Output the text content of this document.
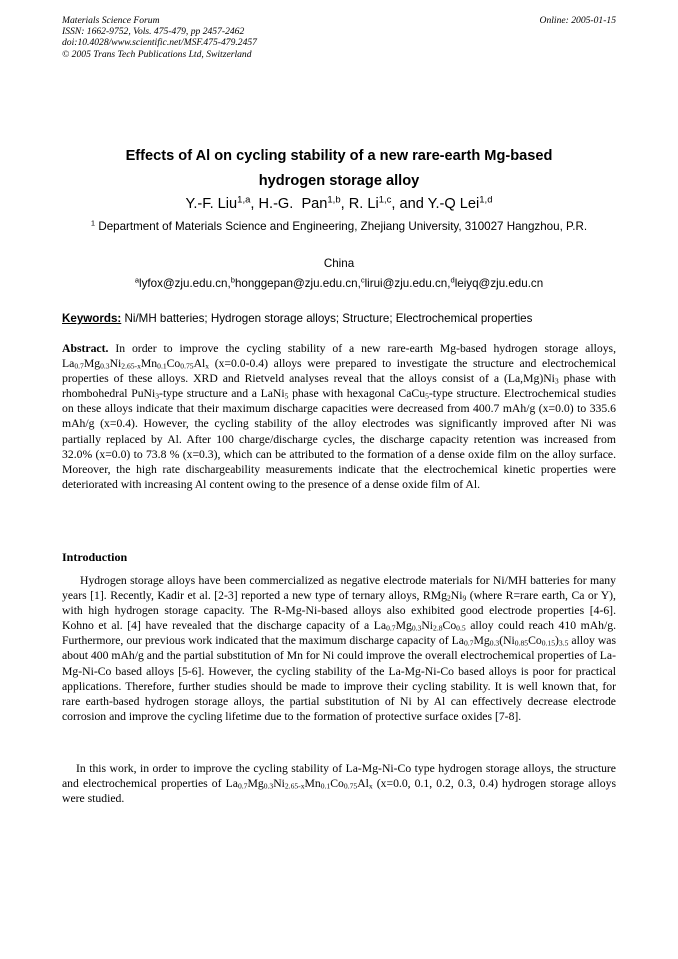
Materials Science Forum
ISSN: 1662-9752, Vols. 475-479, pp 2457-2462
doi:10.4028/www.scientific.net/MSF.475-479.2457
© 2005 Trans Tech Publications Ltd, Switzerland
Online: 2005-01-15
Effects of Al on cycling stability of a new rare-earth Mg-based
hydrogen storage alloy
Y.-F. Liu$^{1,a}$, H.-G.  Pan$^{1,b}$, R. Li$^{1,c}$, and Y.-Q Lei$^{1,d}$
$^1$ Department of Materials Science and Engineering, Zhejiang University, 310027 Hangzhou, P.R.
China
$^a$lyfox@zju.edu.cn,$^b$honggepan@zju.edu.cn,$^c$lirui@zju.edu.cn,$^d$leiyq@zju.edu.cn
Keywords: Ni/MH batteries; Hydrogen storage alloys; Structure; Electrochemical properties

Abstract. In order to improve the cycling stability of a new rare-earth Mg-based hydrogen storage alloys, $La_{0.7}Mg_{0.3}Ni_{2.65-x}Mn_{0.1}Co_{0.75}Al_x$ (x=0.0-0.4) alloys were prepared to investigate the structure and electrochemical properties of these alloys. XRD and Rietveld analyses reveal that the alloys consist of a $(La,Mg)Ni_3$ phase with rhombohedral PuNi$_3$-type structure and a LaNi$_5$ phase with hexagonal CaCu$_5$-type structure. Electrochemical studies on these alloys indicate that their maximum discharge capacities were decreased from 400.7 mAh/g (x=0.0) to 335.6 mAh/g (x=0.4). However, the cycling stability of the alloy electrodes was significantly improved after Ni was partially replaced by Al. After 100 charge/discharge cycles, the discharge capacity retention was increased from 32.0% (x=0.0) to 73.8 % (x=0.3), which can be attributed to the formation of a dense oxide film on the alloy surface. Moreover, the high rate dischargeability measurements indicate that the electrochemical kinetic properties were deteriorated with increasing Al content owing to the presence of a dense oxide film of Al.

Introduction

Hydrogen storage alloys have been commercialized as negative electrode materials for Ni/MH batteries for many years [1]. Recently, Kadir et al. [2-3] reported a new type of ternary alloys, $RMg_2Ni_9$ (where R=rare earth, Ca or Y), with high hydrogen storage capacity. The R-Mg-Ni-based alloys also exhibited good electrode properties [4-6]. Kohno et al. [4] have revealed that the discharge capacity of a $La_{0.7}Mg_{0.3}Ni_{2.8}Co_{0.5}$ alloy could reach 410 mAh/g. Furthermore, our previous work indicated that the maximum discharge capacity of $La_{0.7}Mg_{0.3}(Ni_{0.85}Co_{0.15})_{3.5}$ alloy was about 400 mAh/g and the partial substitution of Mn for Ni could improve the overall electrochemical properties of La-Mg-Ni-Co based alloys [5-6]. However, the cycling stability of the La-Mg-Ni-Co based alloys is poor for practical applications. Therefore, further studies should be made to improve their cycling stability. It is well known that, for rare earth-based hydrogen storage alloys, the partial substitution of Ni by Al can effectively decrease electrode corrosion and improve the cycling lifetime due to the formation of protective surface oxides [7-8].

In this work, in order to improve the cycling stability of La-Mg-Ni-Co type hydrogen storage alloys, the structure and electrochemical properties of $La_{0.7}Mg_{0.3}Ni_{2.65-x}Mn_{0.1}Co_{0.75}Al_x$ (x=0.0, 0.1, 0.2, 0.3, 0.4) hydrogen storage alloys were studied.
